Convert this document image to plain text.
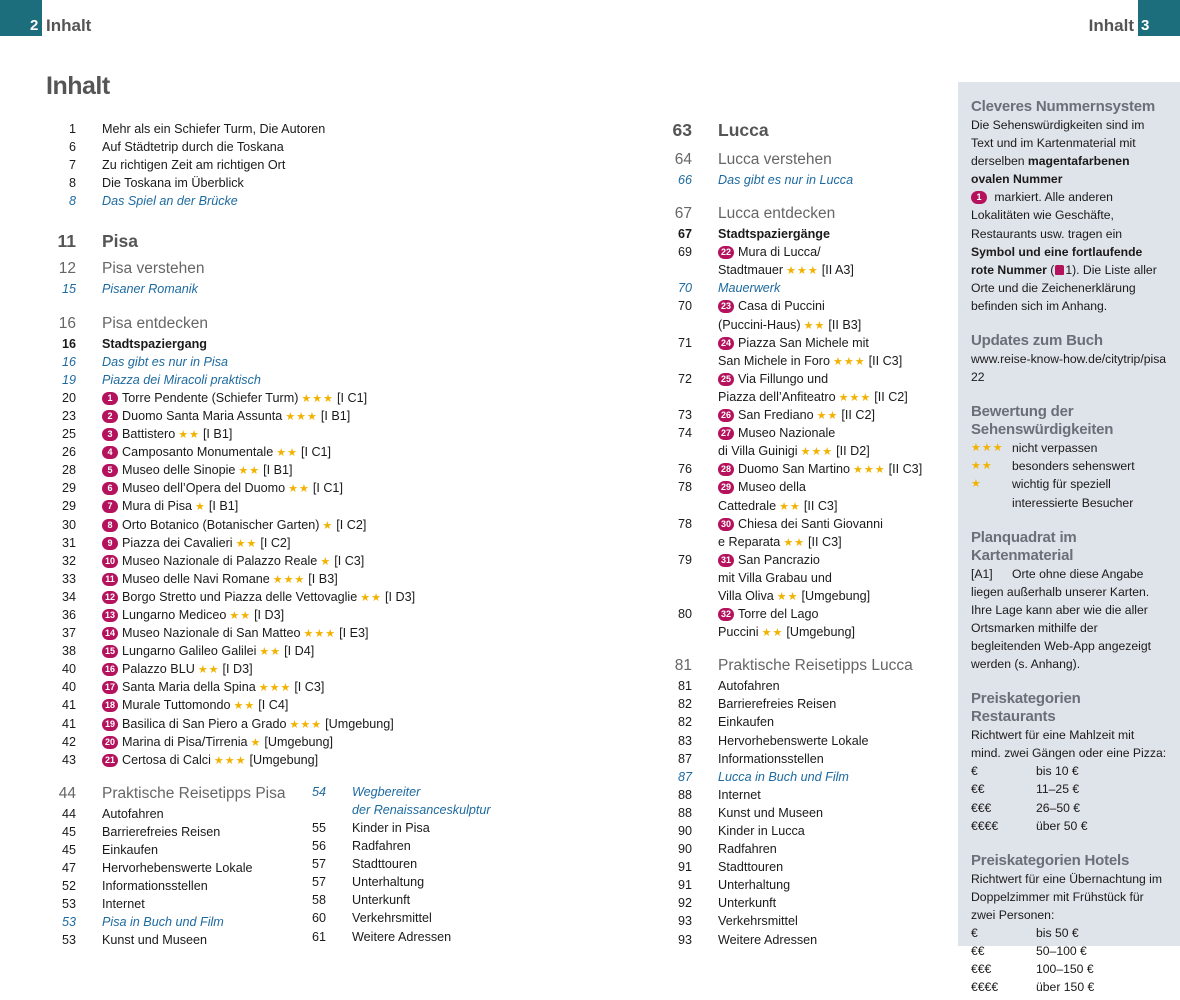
2 Inhalt	Inhalt 3
Inhalt
1 Mehr als ein Schiefer Turm, Die Autoren
6 Auf Städtetrip durch die Toskana
7 Zu richtigen Zeit am richtigen Ort
8 Die Toskana im Überblick
8 Das Spiel an der Brücke
11 Pisa
12 Pisa verstehen
15 Pisaner Romanik
16 Pisa entdecken
16 Stadtspaziergang
16 Das gibt es nur in Pisa
19 Piazza dei Miracoli praktisch
20	1 Torre Pendente (Schiefer Turm) ★★★ [I C1]
23	2 Duomo Santa Maria Assunta ★★★ [I B1]
25	3 Battistero ★★ [I B1]
26	4 Camposanto Monumentale ★★ [I C1]
28	5 Museo delle Sinopie ★★ [I B1]
29	6 Museo dell’Opera del Duomo ★★ [I C1]
29	7 Mura di Pisa ★ [I B1]
30	8 Orto Botanico (Botanischer Garten) ★ [I C2]
31	9 Piazza dei Cavalieri ★★ [I C2]
32	10 Museo Nazionale di Palazzo Reale ★ [I C3]
33	11 Museo delle Navi Romane ★★★ [I B3]
34	12 Borgo Stretto und Piazza delle Vettovaglie ★★ [I D3]
36	13 Lungarno Mediceo ★★ [I D3]
37	14 Museo Nazionale di San Matteo ★★★ [I E3]
38	15 Lungarno Galileo Galilei ★★ [I D4]
40	16 Palazzo BLU ★★ [I D3]
40	17 Santa Maria della Spina ★★★ [I C3]
41	18 Murale Tuttomondo ★★ [I C4]
41	19 Basilica di San Piero a Grado ★★★ [Umgebung]
42	20 Marina di Pisa/Tirrenia ★ [Umgebung]
43	21 Certosa di Calci ★★★ [Umgebung]
44 Praktische Reisetipps Pisa
44 Autofahren
45 Barrierefreies Reisen
45 Einkaufen
47 Hervorhebenswerte Lokale
52 Informationsstellen
53 Internet
53 Pisa in Buch und Film
53 Kunst und Museen
54 Wegbereiter
der Renaissanceskulptur
55 Kinder in Pisa
56 Radfahren
57 Stadttouren
57 Unterhaltung
58 Unterkunft
60 Verkehrsmittel
61 Weitere Adressen
63 Lucca
64 Lucca verstehen
66 Das gibt es nur in Lucca
67 Lucca entdecken
67 Stadtspaziergänge
69	22 Mura di Lucca/
Stadtmauer ★★★ [II A3]
70 Mauerwerk
70	23 Casa di Puccini
(Puccini-Haus) ★★ [II B3]
71	24 Piazza San Michele mit
San Michele in Foro ★★★ [II C3]
72	25 Via Fillungo und
Piazza dell’Anfiteatro ★★★ [II C2]
73	26 San Frediano ★★ [II C2]
74	27 Museo Nazionale
di Villa Guinigi ★★★ [II D2]
76	28 Duomo San Martino ★★★ [II C3]
78	29 Museo della
Cattedrale ★★ [II C3]
78	30 Chiesa dei Santi Giovanni
e Reparata ★★ [II C3]
79	31 San Pancrazio
mit Villa Grabau und
Villa Oliva ★★ [Umgebung]
80	32 Torre del Lago
Puccini ★★ [Umgebung]
81 Praktische Reisetipps Lucca
81 Autofahren
82 Barrierefreies Reisen
82 Einkaufen
83 Hervorhebenswerte Lokale
87 Informationsstellen
87 Lucca in Buch und Film
88 Internet
88 Kunst und Museen
90 Kinder in Lucca
90 Radfahren
91 Stadttouren
91 Unterhaltung
92 Unterkunft
93 Verkehrsmittel
93 Weitere Adressen
Cleveres Nummernsystem

Die Sehenswürdigkeiten sind im Text und im Kartenmaterial mit derselben magentafarbenen ovalen Nummer
1 markiert. Alle anderen Lokalitäten wie Geschäfte, Restaurants usw. tragen ein Symbol und eine fortlaufende rote Nummer ( 1). Die Liste aller Orte und die Zeichenerklärung befinden sich im Anhang.

Updates zum Buch

www.reise-know-how.de/citytrip/pisa22

Bewertung der Sehenswürdigkeiten
★★★ nicht verpassen
★★	besonders sehenswert
★	wichtig für speziell interessierte Besucher
Planquadrat im Kartenmaterial

[A1] Orte ohne diese Angabe liegen außerhalb unserer Karten. Ihre Lage kann aber wie die aller Ortsmarken mithilfe der begleitenden Web-App angezeigt werden (s. Anhang).

Preiskategorien Restaurants

Richtwert für eine Mahlzeit mit mind. zwei Gängen oder eine Pizza:

€	bis 10 €
€€	11–25 €
€€€	26–50 €
€€€€	über 50 €
Preiskategorien Hotels

Richtwert für eine Übernachtung im Doppelzimmer mit Frühstück für zwei Personen:

€	bis 50 €
€€	50–100 €
€€€	100–150 €
€€€€	über 150 €
